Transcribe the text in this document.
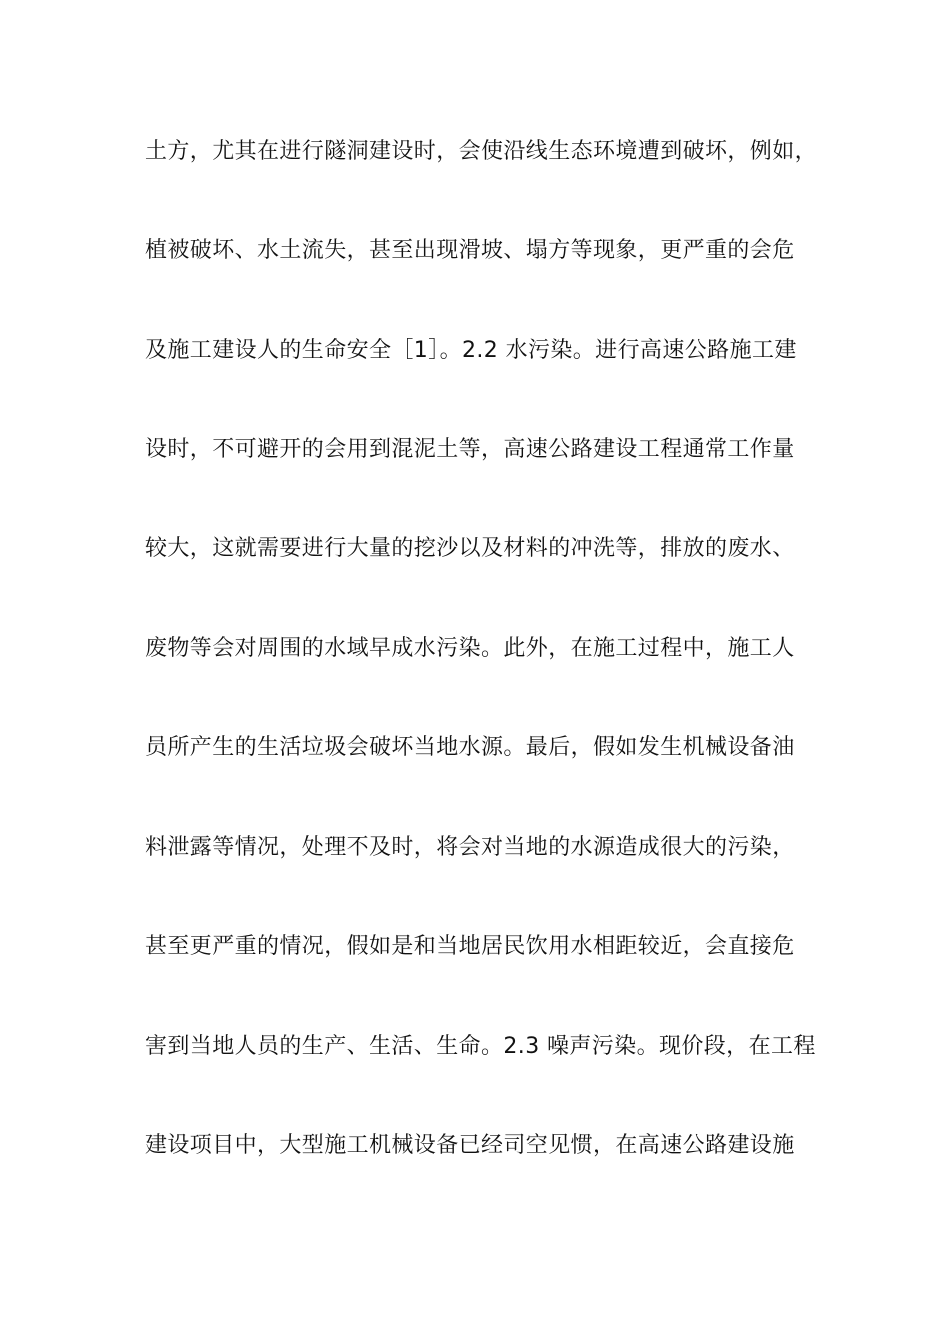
土方，尤其在进行隧洞建设时，会使沿线生态环境遭到破坏，例如，
植被破坏、水土流失，甚至出现滑坡、塌方等现象，更严重的会危
及施工建设人的生命安全［1］。2.2 水污染。进行高速公路施工建
设时，不可避开的会用到混泥土等，高速公路建设工程通常工作量
较大，这就需要进行大量的挖沙以及材料的冲洗等，排放的废水、
废物等会对周围的水域早成水污染。此外，在施工过程中，施工人
员所产生的生活垃圾会破坏当地水源。最后，假如发生机械设备油
料泄露等情况，处理不及时，将会对当地的水源造成很大的污染，
甚至更严重的情况，假如是和当地居民饮用水相距较近，会直接危
害到当地人员的生产、生活、生命。2.3 噪声污染。现价段，在工程
建设项目中，大型施工机械设备已经司空见惯，在高速公路建设施
